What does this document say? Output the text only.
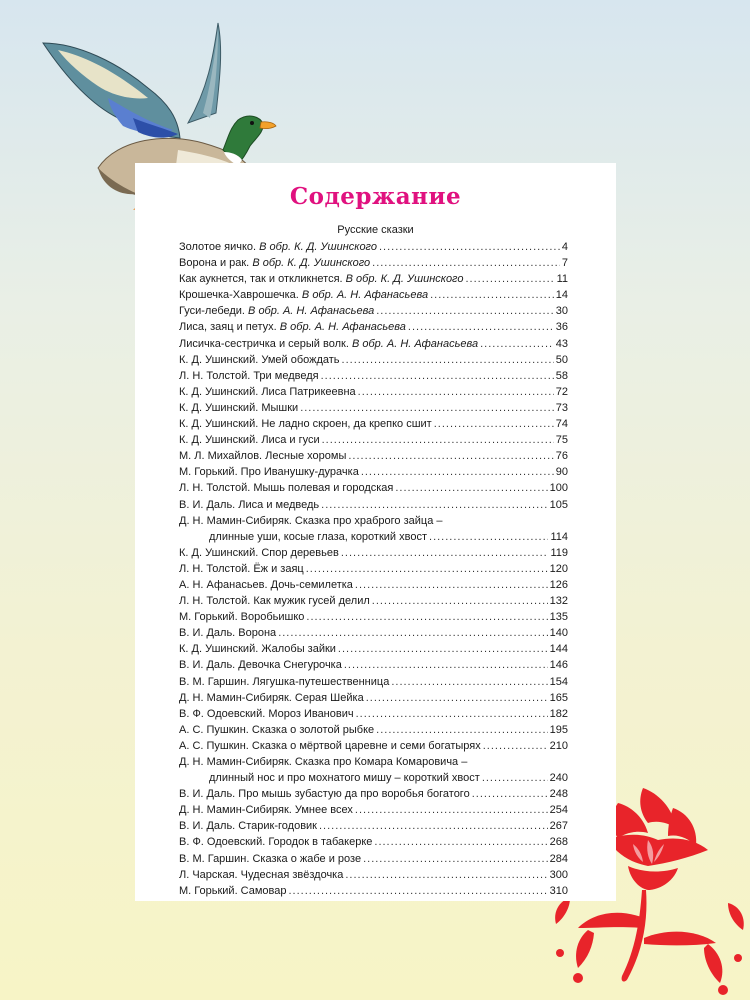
Содержание
Русские сказки
Золотое яичко. В обр. К. Д. Ушинского .....	4
Ворона и рак. В обр. К. Д. Ушинского .....	7
Как аукнется, так и откликнется. В обр. К. Д. Ушинского .....	11
Крошечка-Хаврошечка. В обр. А. Н. Афанасьева .....	14
Гуси-лебеди. В обр. А. Н. Афанасьева .....	30
Лиса, заяц и петух. В обр. А. Н. Афанасьева .....	36
Лисичка-сестричка и серый волк. В обр. А. Н. Афанасьева .....	43
К. Д. Ушинский. Умей обождать .....	50
Л. Н. Толстой. Три медведя .....	58
К. Д. Ушинский. Лиса Патрикеевна .....	72
К. Д. Ушинский. Мышки .....	73
К. Д. Ушинский. Не ладно скроен, да крепко сшит .....	74
К. Д. Ушинский. Лиса и гуси .....	75
М. Л. Михайлов. Лесные хоромы .....	76
М. Горький. Про Иванушку-дурачка .....	90
Л. Н. Толстой. Мышь полевая и городская .....	100
В. И. Даль. Лиса и медведь .....	105
Д. Н. Мамин-Сибиряк. Сказка про храброго зайца –
длинные уши, косые глаза, короткий хвост .....	114
К. Д. Ушинский. Спор деревьев .....	119
Л. Н. Толстой. Ёж и заяц .....	120
А. Н. Афанасьев. Дочь-семилетка .....	126
Л. Н. Толстой. Как мужик гусей делил .....	132
М. Горький. Воробьишко .....	135
В. И. Даль. Ворона .....	140
К. Д. Ушинский. Жалобы зайки .....	144
В. И. Даль. Девочка Снегурочка .....	146
В. М. Гаршин. Лягушка-путешественница .....	154
Д. Н. Мамин-Сибиряк. Серая Шейка .....	165
В. Ф. Одоевский. Мороз Иванович .....	182
А. С. Пушкин. Сказка о золотой рыбке .....	195
А. С. Пушкин. Сказка о мёртвой царевне и семи богатырях .....	210
Д. Н. Мамин-Сибиряк. Сказка про Комара Комаровича –
длинный нос и про мохнатого мишу – короткий хвост .....	240
В. И. Даль. Про мышь зубастую да про воробья богатого .....	248
Д. Н. Мамин-Сибиряк. Умнее всех .....	254
В. И. Даль. Старик-годовик .....	267
В. Ф. Одоевский. Городок в табакерке .....	268
В. М. Гаршин. Сказка о жабе и розе .....	284
Л. Чарская. Чудесная звёздочка .....	300
М. Горький. Самовар .....	310
